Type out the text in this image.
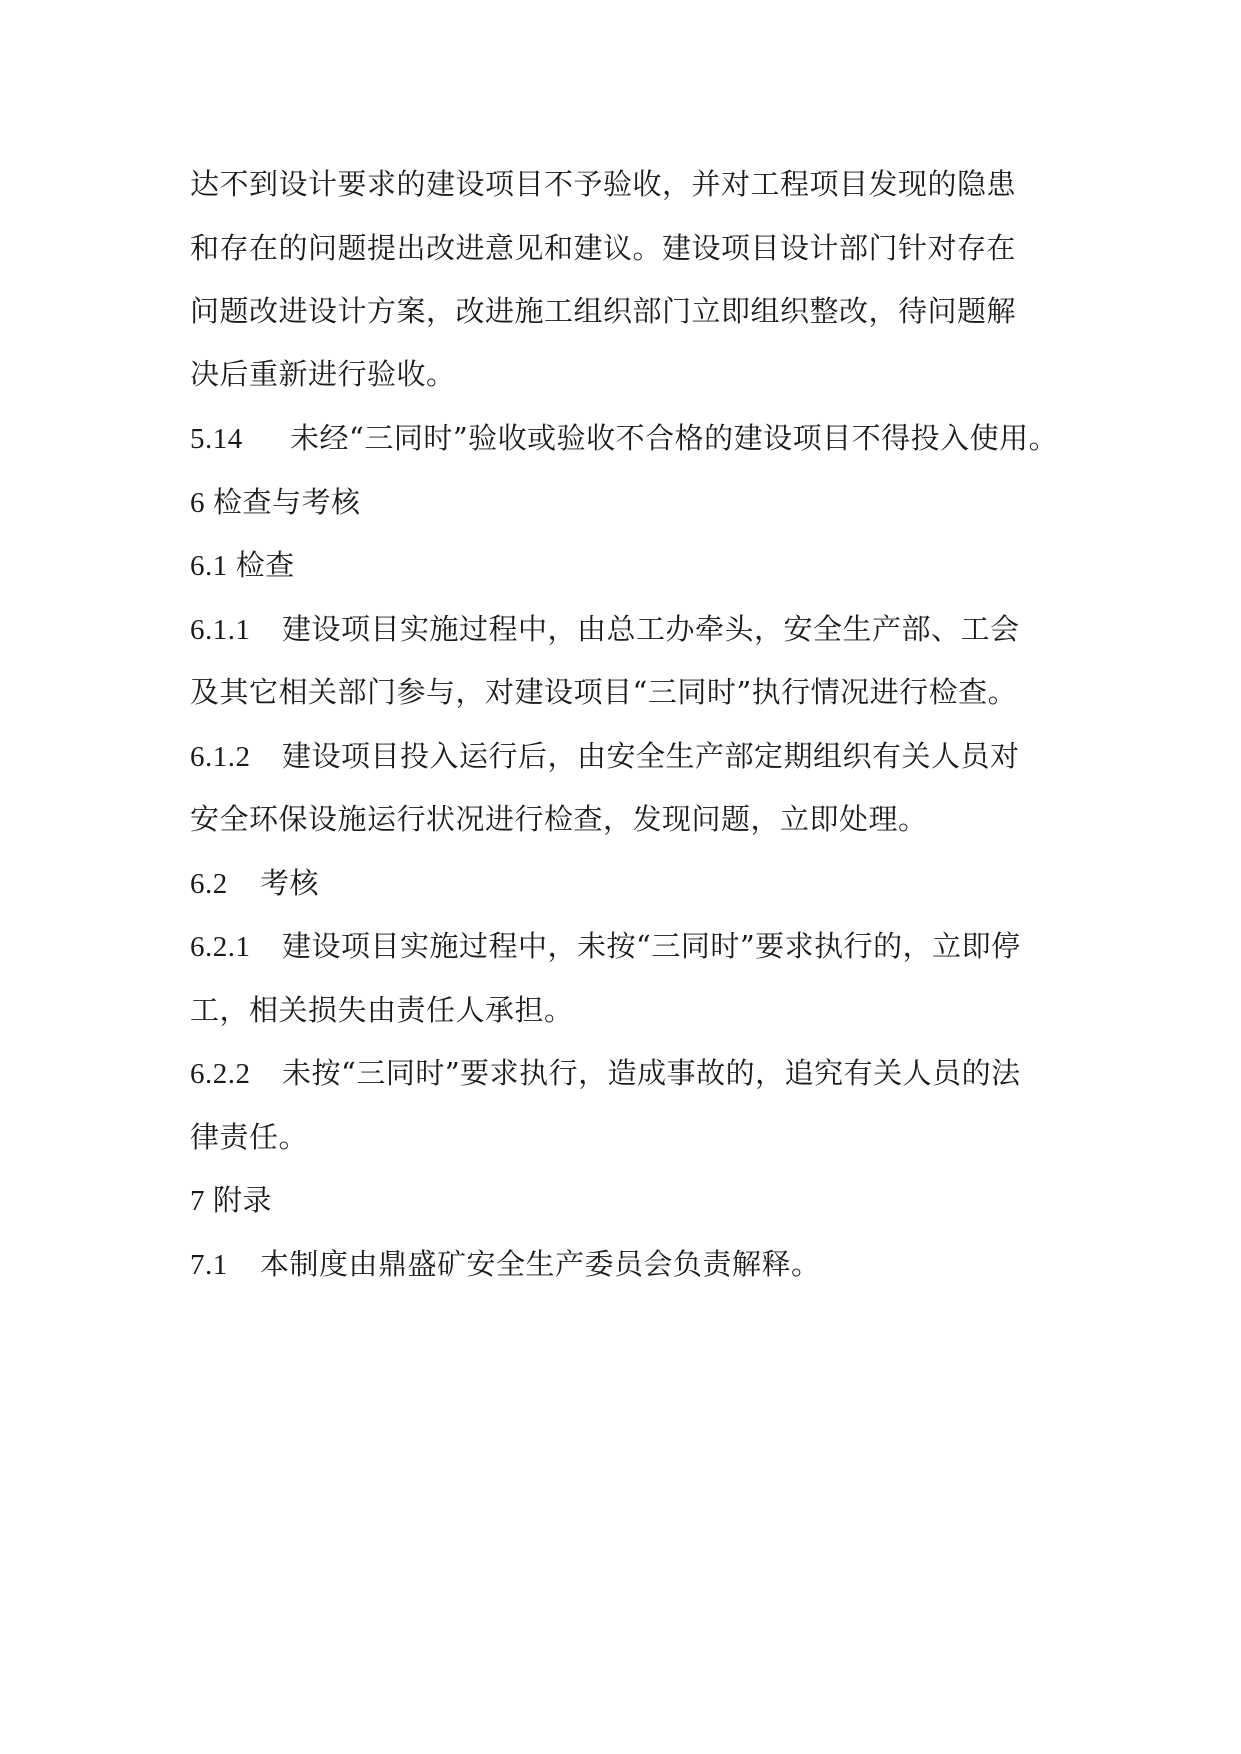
达不到设计要求的建设项目不予验收，并对工程项目发现的隐患
和存在的问题提出改进意见和建议。建设项目设计部门针对存在
问题改进设计方案，改进施工组织部门立即组织整改，待问题解
决后重新进行验收。
5.14 未经“三同时”验收或验收不合格的建设项目不得投入使用。
6 检查与考核
6.1 检查
6.1.1 建设项目实施过程中，由总工办牵头，安全生产部、工会
及其它相关部门参与，对建设项目“三同时”执行情况进行检查。
6.1.2 建设项目投入运行后，由安全生产部定期组织有关人员对
安全环保设施运行状况进行检查，发现问题，立即处理。
6.2 考核
6.2.1 建设项目实施过程中，未按“三同时”要求执行的，立即停
工，相关损失由责任人承担。
6.2.2 未按“三同时”要求执行，造成事故的，追究有关人员的法
律责任。
7 附录
7.1 本制度由鼎盛矿安全生产委员会负责解释。
